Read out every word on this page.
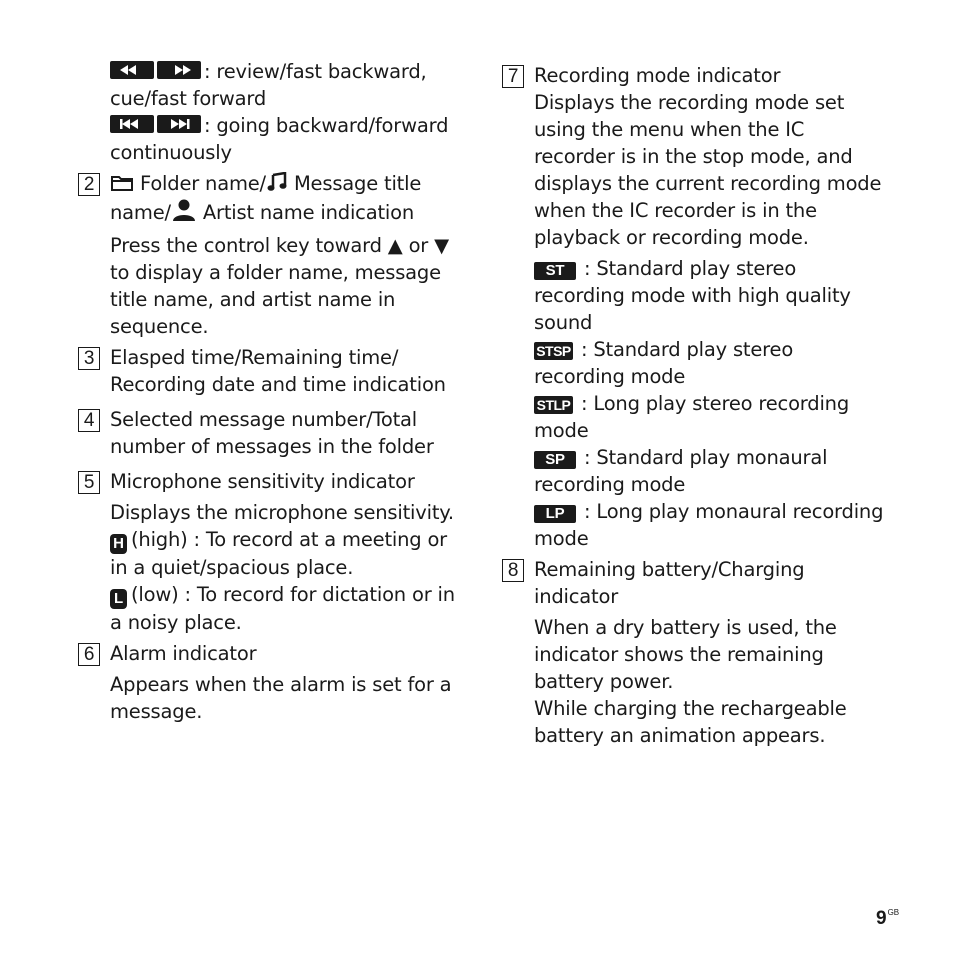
: review/fast backward,
cue/fast forward
: going backward/forward
continuously
2	Folder name/ Message title
name/ Artist name indication
Press the control key toward ▲ or ▼ to display a folder name, message title name, and artist name in sequence.
3 Elasped time/Remaining time/ Recording date and time indication
4 Selected message number/Total number of messages in the folder
5 Microphone sensitivity indicator
Displays the microphone sensitivity.
H (high) : To record at a meeting or in a quiet/spacious place.
L (low) : To record for dictation or in a noisy place.
6 Alarm indicator
Appears when the alarm is set for a message.
7 Recording mode indicator
Displays the recording mode set using the menu when the IC recorder is in the stop mode, and displays the current recording mode when the IC recorder is in the playback or recording mode.
ST : Standard play stereo recording mode with high quality sound
STSP : Standard play stereo recording mode
STLP : Long play stereo recording mode
SP : Standard play monaural recording mode
LP : Long play monaural recording mode
8 Remaining battery/Charging indicator
When a dry battery is used, the indicator shows the remaining battery power.
While charging the rechargeable battery an animation appears.
$9^{GB}$
